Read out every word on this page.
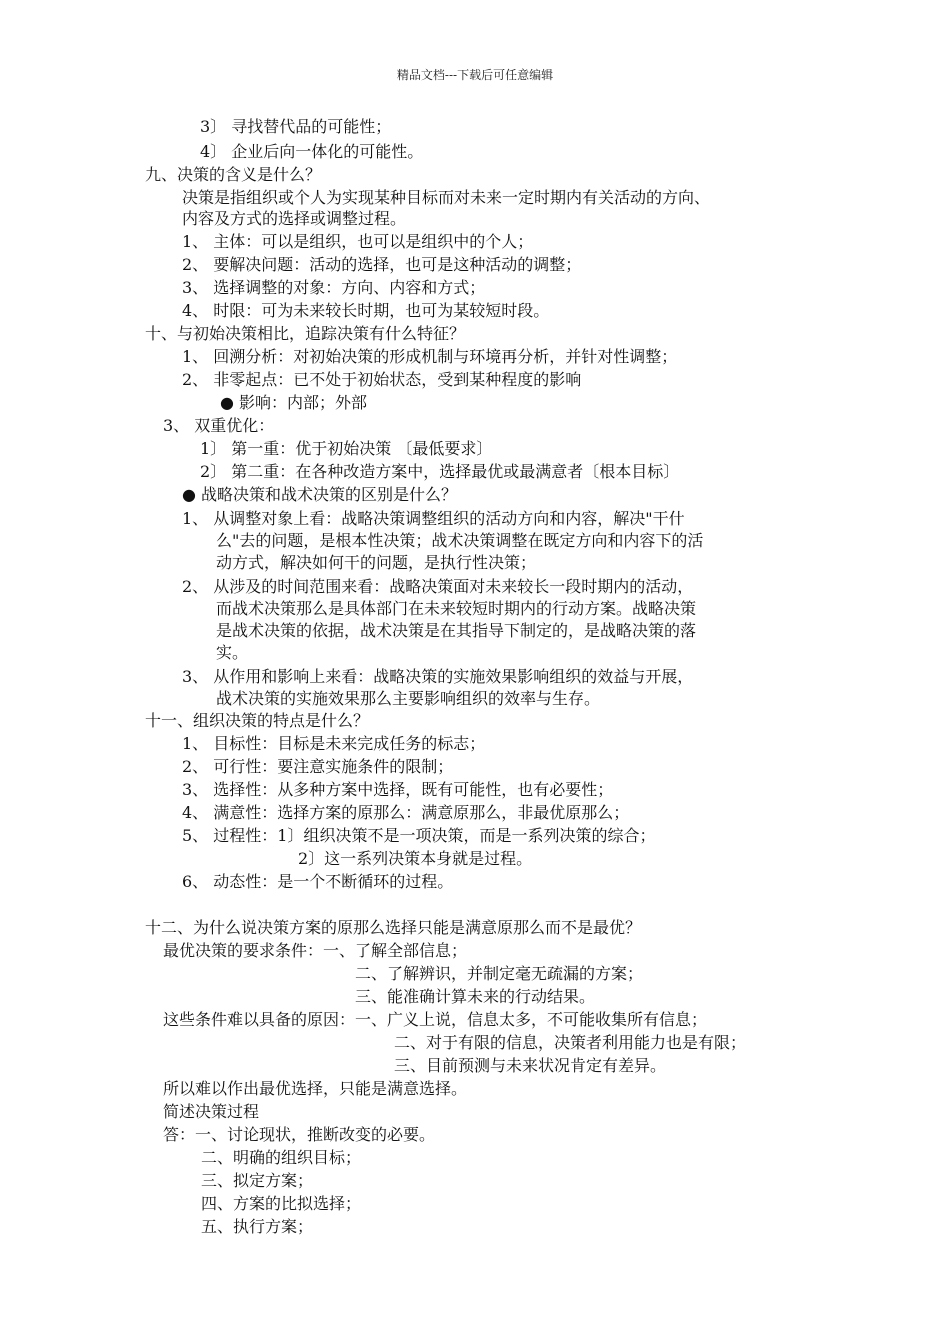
精品文档---下载后可任意编辑
3〕 寻找替代品的可能性；
4〕 企业后向一体化的可能性。
九、决策的含义是什么？
决策是指组织或个人为实现某种目标而对未来一定时期内有关活动的方向、
内容及方式的选择或调整过程。
1、 主体：可以是组织，也可以是组织中的个人；
2、 要解决问题：活动的选择，也可是这种活动的调整；
3、 选择调整的对象：方向、内容和方式；
4、 时限：可为未来较长时期，也可为某较短时段。
十、与初始决策相比，追踪决策有什么特征？
1、 回溯分析：对初始决策的形成机制与环境再分析，并针对性调整；
2、 非零起点：已不处于初始状态，受到某种程度的影响
● 影响：内部；外部
3、 双重优化：
1〕 第一重：优于初始决策 〔最低要求〕
2〕 第二重：在各种改造方案中，选择最优或最满意者〔根本目标〕
● 战略决策和战术决策的区别是什么？
1、 从调整对象上看：战略决策调整组织的活动方向和内容，解决"干什
么"去的问题，是根本性决策；战术决策调整在既定方向和内容下的活
动方式，解决如何干的问题，是执行性决策；
2、 从涉及的时间范围来看：战略决策面对未来较长一段时期内的活动，
而战术决策那么是具体部门在未来较短时期内的行动方案。战略决策
是战术决策的依据，战术决策是在其指导下制定的，是战略决策的落
实。
3、 从作用和影响上来看：战略决策的实施效果影响组织的效益与开展，
战术决策的实施效果那么主要影响组织的效率与生存。
十一、组织决策的特点是什么？
1、 目标性：目标是未来完成任务的标志；
2、 可行性：要注意实施条件的限制；
3、 选择性：从多种方案中选择，既有可能性，也有必要性；
4、 满意性：选择方案的原那么：满意原那么，非最优原那么；
5、 过程性：1〕组织决策不是一项决策，而是一系列决策的综合；
2〕这一系列决策本身就是过程。
6、 动态性：是一个不断循环的过程。
十二、为什么说决策方案的原那么选择只能是满意原那么而不是最优？
最优决策的要求条件：一、了解全部信息；
二、了解辨识，并制定毫无疏漏的方案；
三、能准确计算未来的行动结果。
这些条件难以具备的原因：一、广义上说，信息太多，不可能收集所有信息；
二、对于有限的信息，决策者利用能力也是有限；
三、目前预测与未来状况肯定有差异。
所以难以作出最优选择，只能是满意选择。
简述决策过程
答：一、讨论现状，推断改变的必要。
二、明确的组织目标；
三、拟定方案；
四、方案的比拟选择；
五、执行方案；
